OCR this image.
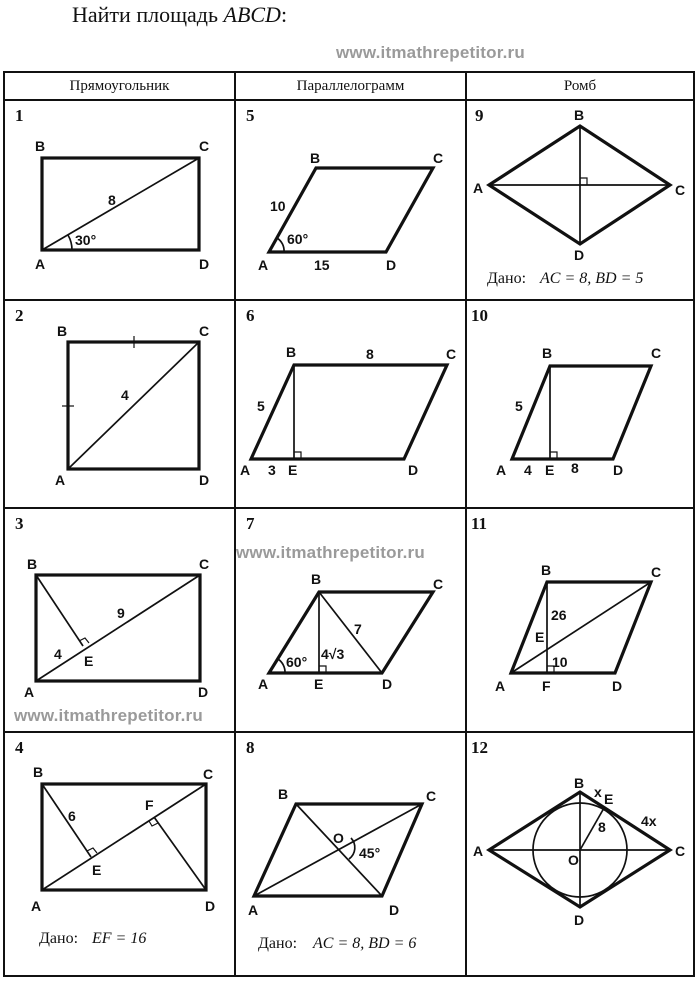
Найти площадь ABCD:
www.itmathrepetitor.ru
Прямоугольник	Параллелограмм	Ромб
1
A
B	C
D
8
30°
5
A
B	C
D
10
15
60°
9
A
B
C
D
Дано: AC = 8, BD = 5
2
A
B	C
D
4
6
A
B	C
D
E
8
5
3
10
A
B	C
D
E
5
4	8
3
A
B	C
D
E
9
4
7
A
B	C
D
E
7
4√3
60°
11
A
B	C
D
E
F
26
10
4
A
B	C
D
E
F
6
Дано: EF = 16
8
A
B	C
D
O
45°
Дано: AC = 8, BD = 6
12
A
B
C
D
E
O
x
4x
8
www.itmathrepetitor.ru
www.itmathrepetitor.ru
